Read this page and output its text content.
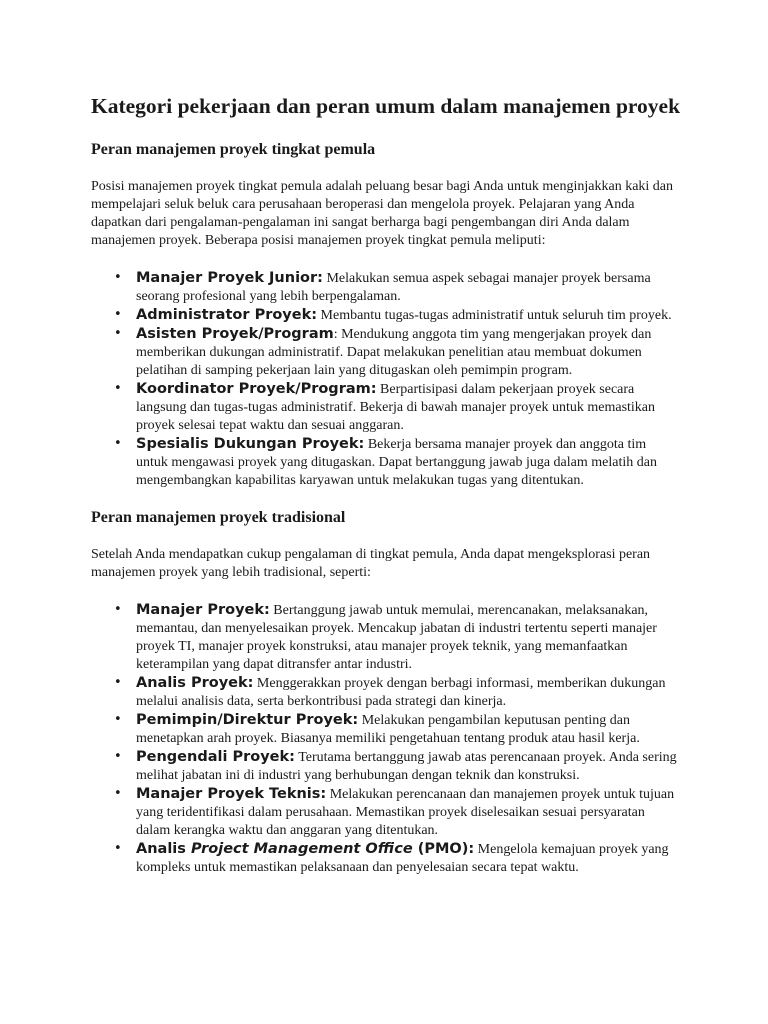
Kategori pekerjaan dan peran umum dalam manajemen proyek
Peran manajemen proyek tingkat pemula

Posisi manajemen proyek tingkat pemula adalah peluang besar bagi Anda untuk menginjakkan kaki dan mempelajari seluk beluk cara perusahaan beroperasi dan mengelola proyek. Pelajaran yang Anda dapatkan dari pengalaman-pengalaman ini sangat berharga bagi pengembangan diri Anda dalam manajemen proyek. Beberapa posisi manajemen proyek tingkat pemula meliputi:

• Manajer Proyek Junior: Melakukan semua aspek sebagai manajer proyek bersama seorang profesional yang lebih berpengalaman.
• Administrator Proyek: Membantu tugas-tugas administratif untuk seluruh tim proyek.
• Asisten Proyek/Program: Mendukung anggota tim yang mengerjakan proyek dan memberikan dukungan administratif. Dapat melakukan penelitian atau membuat dokumen pelatihan di samping pekerjaan lain yang ditugaskan oleh pemimpin program.
• Koordinator Proyek/Program: Berpartisipasi dalam pekerjaan proyek secara langsung dan tugas-tugas administratif. Bekerja di bawah manajer proyek untuk memastikan proyek selesai tepat waktu dan sesuai anggaran.
• Spesialis Dukungan Proyek: Bekerja bersama manajer proyek dan anggota tim untuk mengawasi proyek yang ditugaskan. Dapat bertanggung jawab juga dalam melatih dan mengembangkan kapabilitas karyawan untuk melakukan tugas yang ditentukan.
Peran manajemen proyek tradisional

Setelah Anda mendapatkan cukup pengalaman di tingkat pemula, Anda dapat mengeksplorasi peran manajemen proyek yang lebih tradisional, seperti:

• Manajer Proyek: Bertanggung jawab untuk memulai, merencanakan, melaksanakan, memantau, dan menyelesaikan proyek. Mencakup jabatan di industri tertentu seperti manajer proyek TI, manajer proyek konstruksi, atau manajer proyek teknik, yang memanfaatkan keterampilan yang dapat ditransfer antar industri.
• Analis Proyek: Menggerakkan proyek dengan berbagi informasi, memberikan dukungan melalui analisis data, serta berkontribusi pada strategi dan kinerja.
• Pemimpin/Direktur Proyek: Melakukan pengambilan keputusan penting dan menetapkan arah proyek. Biasanya memiliki pengetahuan tentang produk atau hasil kerja.
• Pengendali Proyek: Terutama bertanggung jawab atas perencanaan proyek. Anda sering melihat jabatan ini di industri yang berhubungan dengan teknik dan konstruksi.
• Manajer Proyek Teknis: Melakukan perencanaan dan manajemen proyek untuk tujuan yang teridentifikasi dalam perusahaan. Memastikan proyek diselesaikan sesuai persyaratan dalam kerangka waktu dan anggaran yang ditentukan.
• Analis Project Management Office (PMO): Mengelola kemajuan proyek yang kompleks untuk memastikan pelaksanaan dan penyelesaian secara tepat waktu.
